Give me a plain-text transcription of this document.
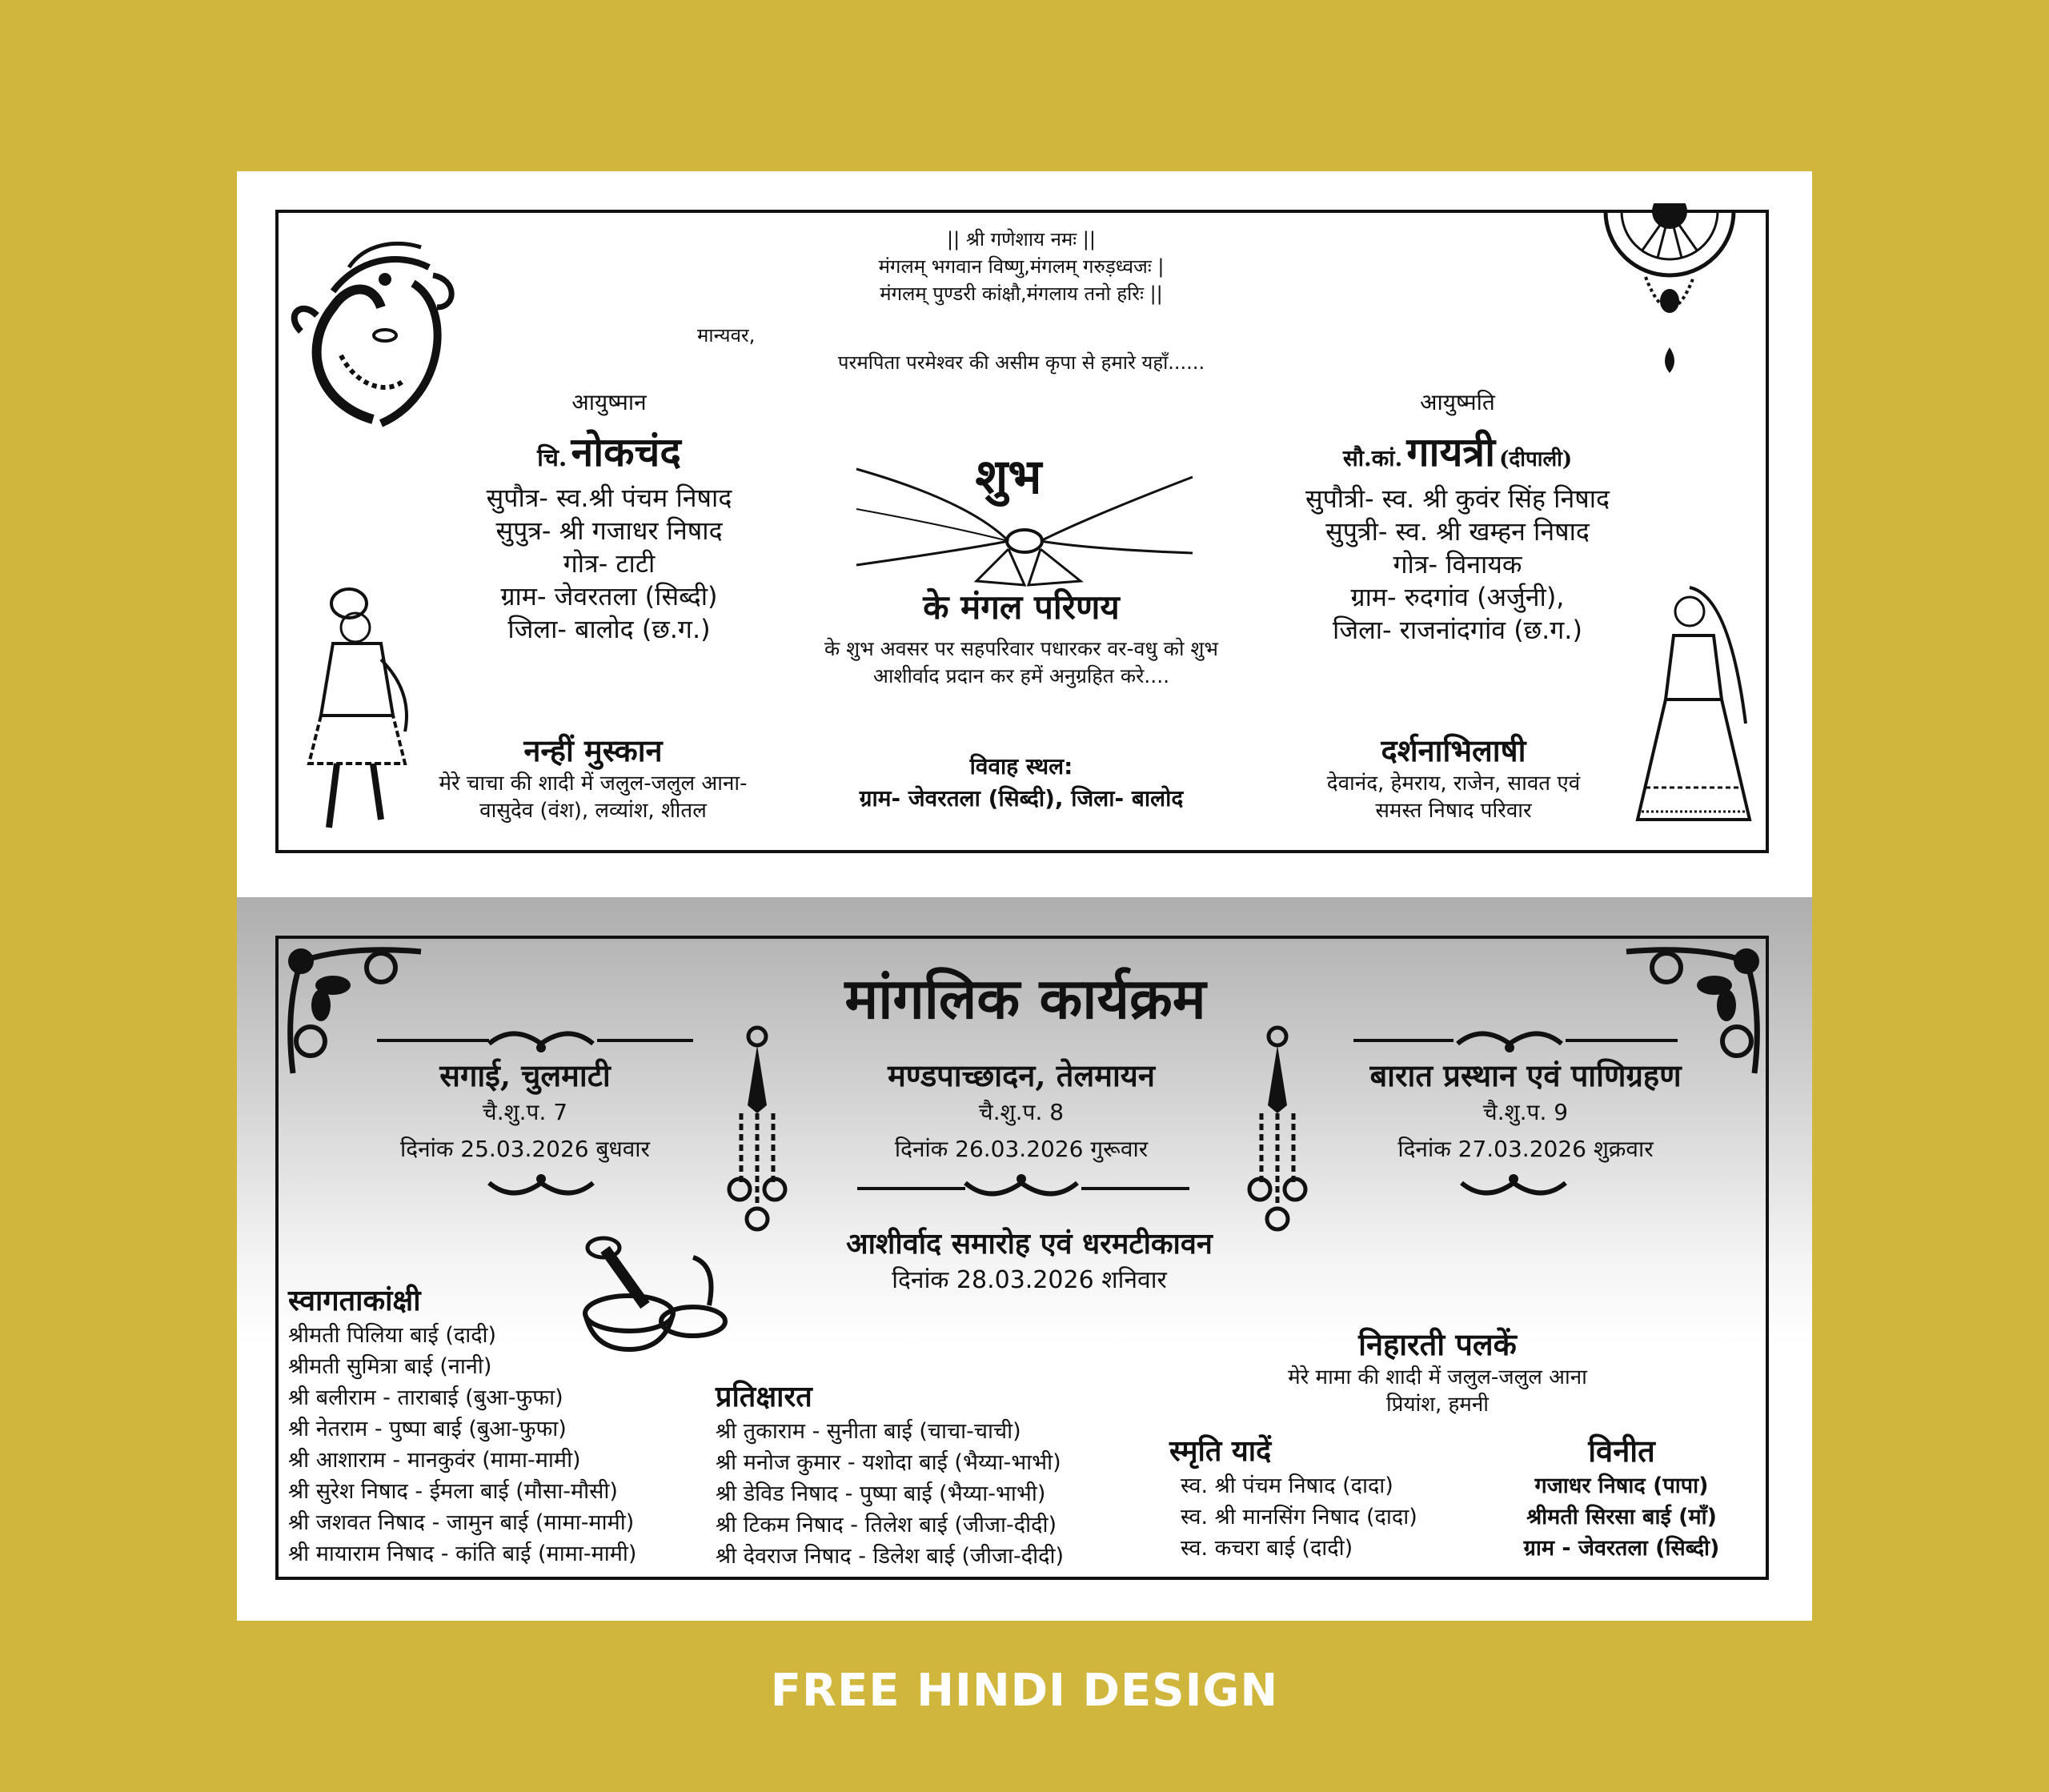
|| श्री गणेशाय नमः ||
मंगलम् भगवान विष्णु,मंगलम् गरुड़ध्वजः |
मंगलम् पुण्डरी कांक्षौ,मंगलाय तनो हरिः ||
मान्यवर,
परमपिता परमेश्वर की असीम कृपा से हमारे यहाँ......
आयुष्मान
चि. नोकचंद
सुपौत्र- स्व.श्री पंचम निषाद
सुपुत्र- श्री गजाधर निषाद
गोत्र- टाटी
ग्राम- जेवरतला (सिब्दी)
जिला- बालोद (छ.ग.)
आयुष्मति
सौ.कां. गायत्री (दीपाली)
सुपौत्री- स्व. श्री कुवंर सिंह निषाद
सुपुत्री- स्व. श्री खम्हन निषाद
गोत्र- विनायक
ग्राम- रुदगांव (अर्जुनी),
जिला- राजनांदगांव (छ.ग.)
शुभ
के मंगल परिणय
के शुभ अवसर पर सहपरिवार पधारकर वर-वधु को शुभ
आशीर्वाद प्रदान कर हमें अनुग्रहित करे....
विवाह स्थल:
ग्राम- जेवरतला (सिब्दी), जिला- बालोद
नन्हीं मुस्कान
मेरे चाचा की शादी में जलुल-जलुल आना-
वासुदेव (वंश), लव्यांश, शीतल
दर्शनाभिलाषी
देवानंद, हेमराय, राजेन, सावत एवं
समस्त निषाद परिवार
मांगलिक कार्यक्रम
सगाई, चुलमाटी
चै.शु.प. 7
दिनांक 25.03.2026 बुधवार
मण्डपाच्छादन, तेलमायन
चै.शु.प. 8
दिनांक 26.03.2026 गुरूवार
बारात प्रस्थान एवं पाणिग्रहण
चै.शु.प. 9
दिनांक 27.03.2026 शुक्रवार
आशीर्वाद समारोह एवं धरमटीकावन
दिनांक 28.03.2026 शनिवार
स्वागताकांक्षी
श्रीमती पिलिया बाई (दादी)
श्रीमती सुमित्रा बाई (नानी)
श्री बलीराम - ताराबाई (बुआ-फुफा)
श्री नेतराम - पुष्पा बाई (बुआ-फुफा)
श्री आशाराम - मानकुवंर (मामा-मामी)
श्री सुरेश निषाद - ईमला बाई (मौसा-मौसी)
श्री जशवत निषाद - जामुन बाई (मामा-मामी)
श्री मायाराम निषाद - कांति बाई (मामा-मामी)
प्रतिक्षारत
श्री तुकाराम - सुनीता बाई (चाचा-चाची)
श्री मनोज कुमार - यशोदा बाई (भैय्या-भाभी)
श्री डेविड निषाद - पुष्पा बाई (भैय्या-भाभी)
श्री टिकम निषाद - तिलेश बाई (जीजा-दीदी)
श्री देवराज निषाद - डिलेश बाई (जीजा-दीदी)
निहारती पलकें
मेरे मामा की शादी में जलुल-जलुल आना
प्रियांश, हमनी
स्मृति यादें
स्व. श्री पंचम निषाद (दादा)
स्व. श्री मानसिंग निषाद (दादा)
स्व. कचरा बाई (दादी)
विनीत
गजाधर निषाद (पापा)
श्रीमती सिरसा बाई (माँ)
ग्राम - जेवरतला (सिब्दी)
FREE HINDI DESIGN
